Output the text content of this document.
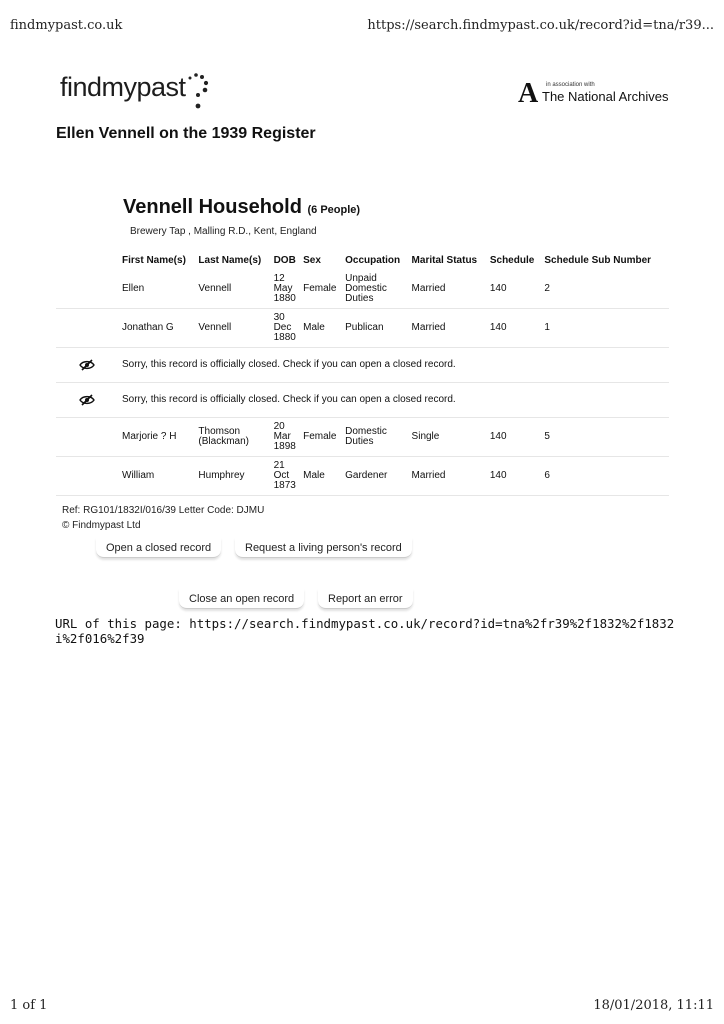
findmypast.co.uk	https://search.findmypast.co.uk/record?id=tna/r39...
findmypast	A in association with
The National Archives
Ellen Vennell on the 1939 Register
Vennell Household (6 People)
Brewery Tap , Malling R.D., Kent, England
	First Name(s)	Last Name(s)	DOB	Sex	Occupation	Marital Status	Schedule	Schedule Sub Number
	Ellen	Vennell	12
May
1880	Female	Unpaid
Domestic
Duties	Married	140	2
	Jonathan G	Vennell	30
Dec
1880	Male	Publican	Married	140	1
	Sorry, this record is officially closed. Check if you can open a closed record.							
	Sorry, this record is officially closed. Check if you can open a closed record.							
	Marjorie ? H	Thomson
(Blackman)	20
Mar
1898	Female	Domestic
Duties	Single	140	5
	William	Humphrey	21
Oct
1873	Male	Gardener	Married	140	6
Ref: RG101/1832I/016/39 Letter Code: DJMU
© Findmypast Ltd
Open a closed record	Request a living person's record
Close an open record	Report an error

URL of this page: https://search.findmypast.co.uk/record?id=tna%2fr39%2f1832%2f1832i%2f016%2f39

1 of 1	18/01/2018, 11:11
